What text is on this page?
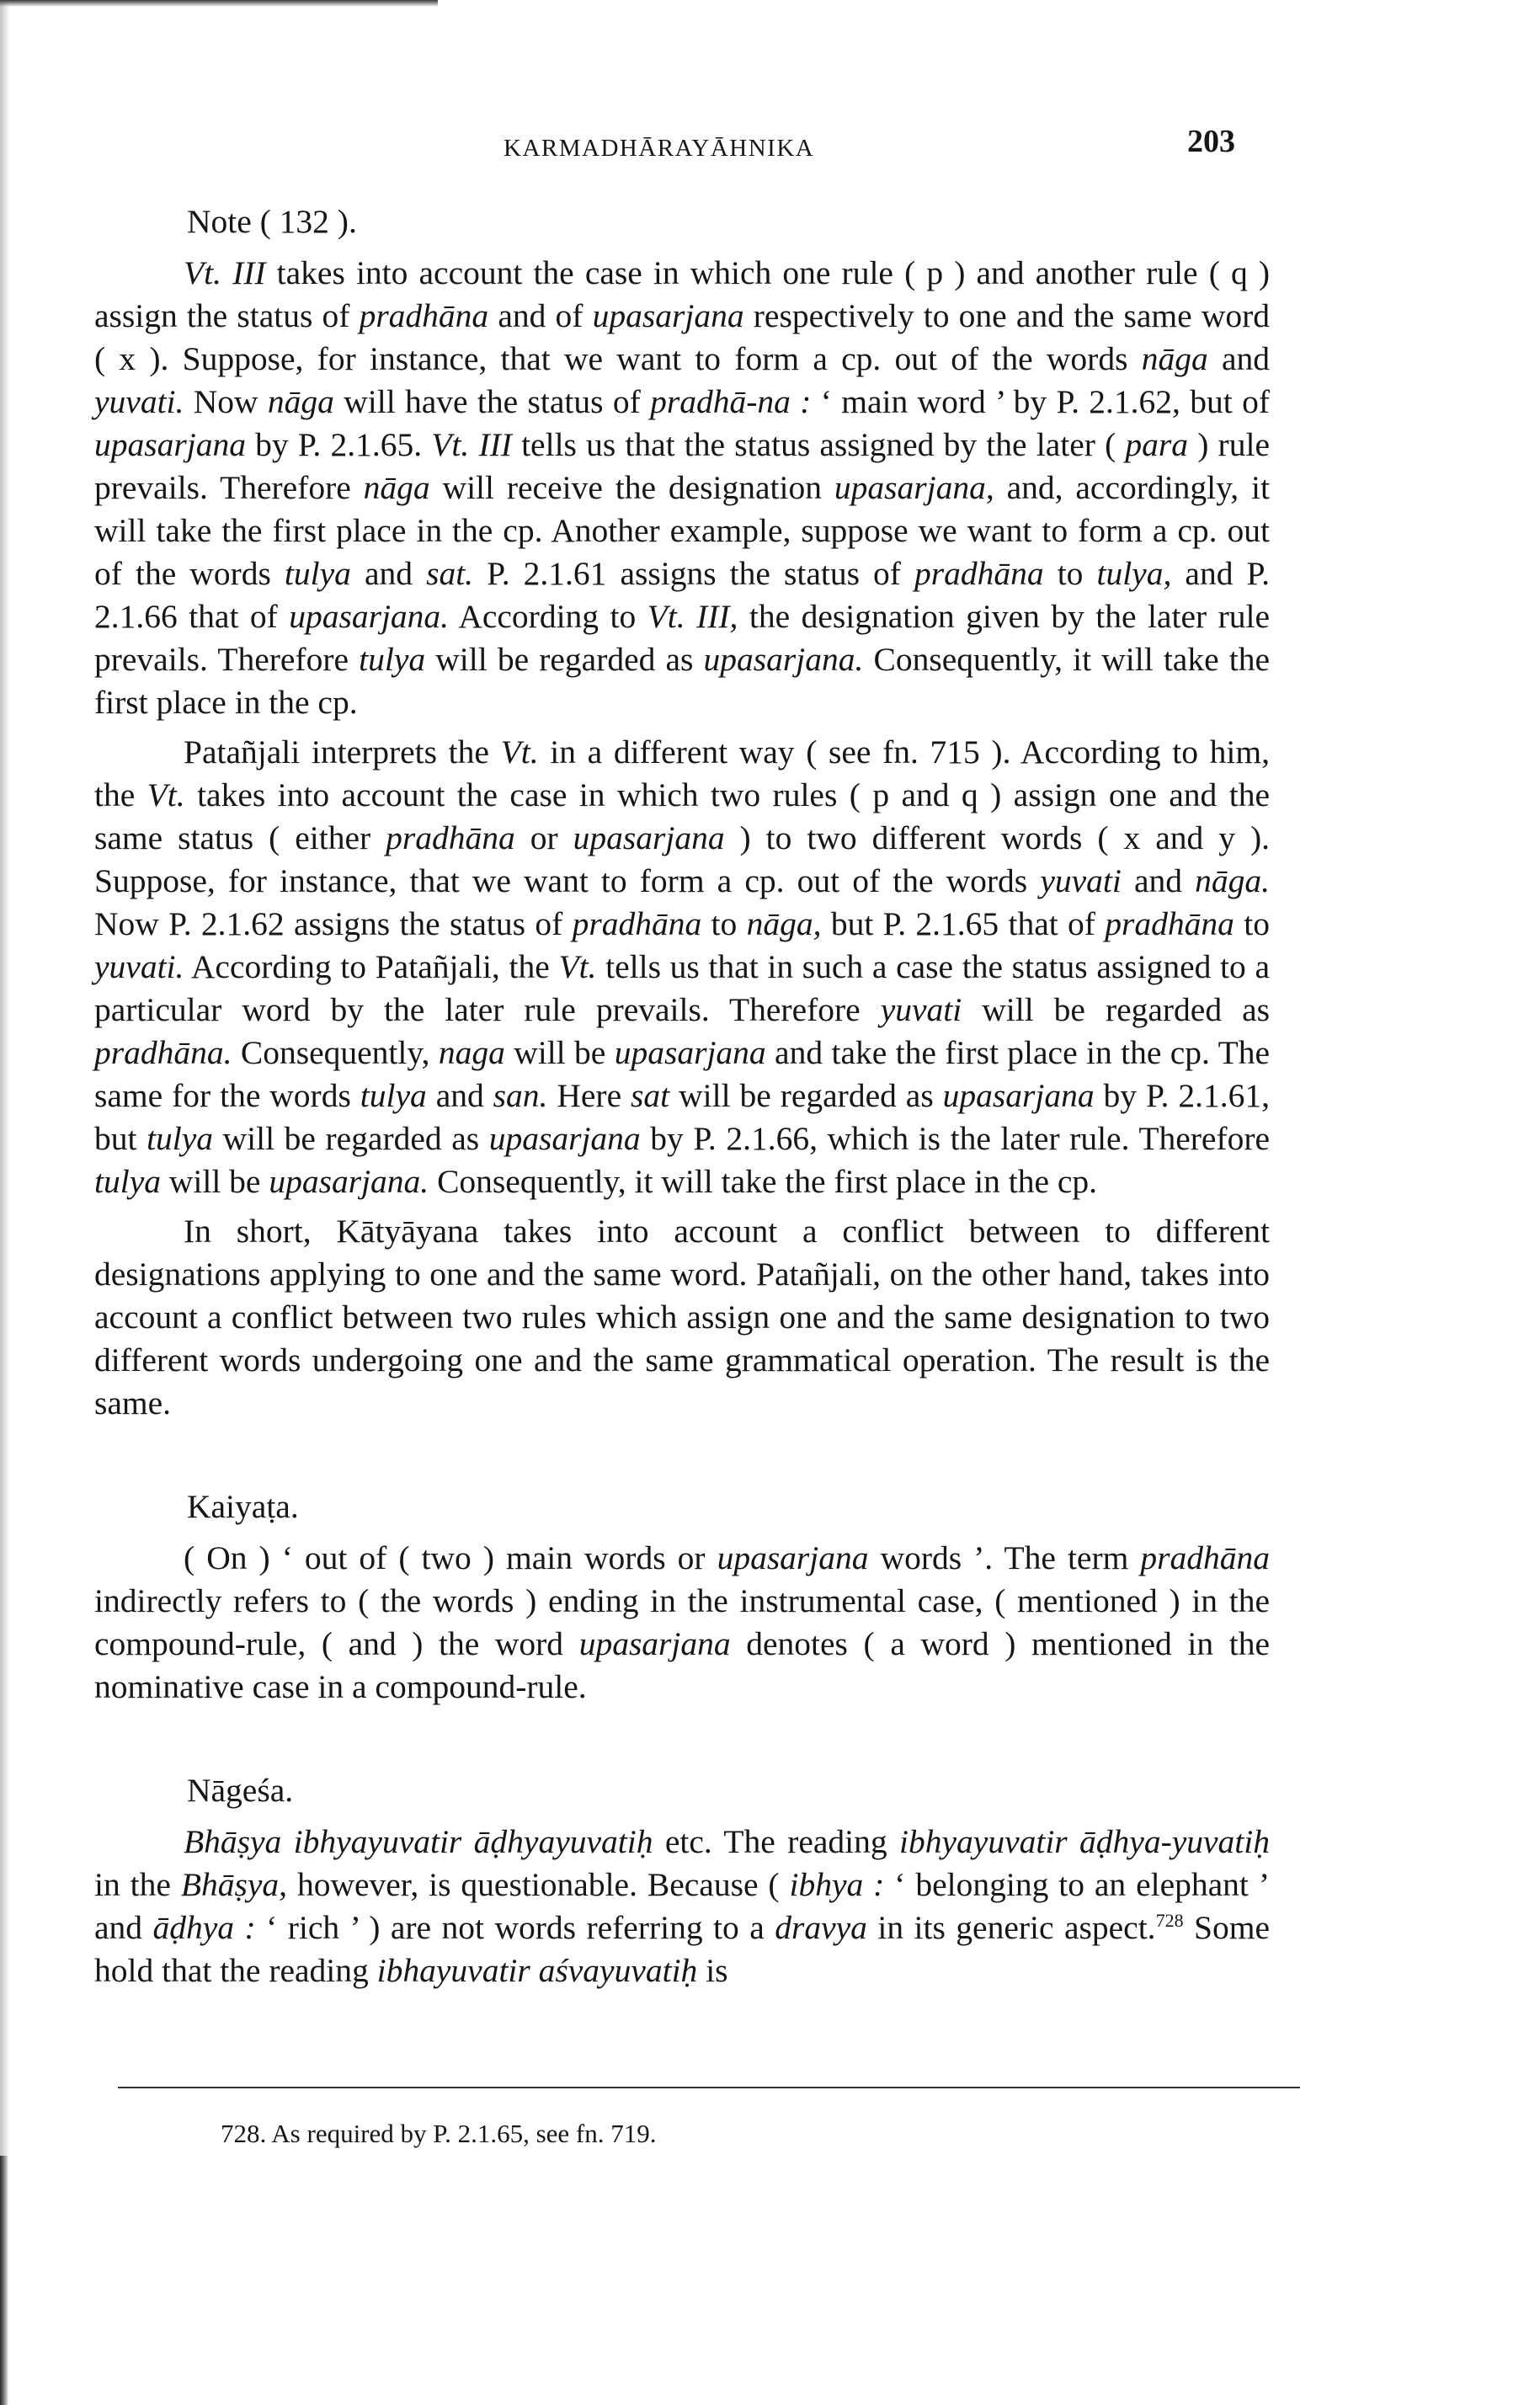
KARMADHĀRAYĀHNIKA	203

Note ( 132 ).

Vt. III takes into account the case in which one rule ( p ) and another rule ( q ) assign the status of pradhāna and of upasarjana respectively to one and the same word ( x ). Suppose, for instance, that we want to form a cp. out of the words nāga and yuvati. Now nāga will have the status of pradhā-na : ‘ main word ’ by P. 2.1.62, but of upasarjana by P. 2.1.65. Vt. III tells us that the status assigned by the later ( para ) rule prevails. Therefore nāga will receive the designation upasarjana, and, accordingly, it will take the first place in the cp. Another example, suppose we want to form a cp. out of the words tulya and sat. P. 2.1.61 assigns the status of pradhāna to tulya, and P. 2.1.66 that of upasarjana. According to Vt. III, the designation given by the later rule prevails. Therefore tulya will be regarded as upasarjana. Consequently, it will take the first place in the cp.

Patañjali interprets the Vt. in a different way ( see fn. 715 ). According to him, the Vt. takes into account the case in which two rules ( p and q ) assign one and the same status ( either pradhāna or upasarjana ) to two different words ( x and y ). Suppose, for instance, that we want to form a cp. out of the words yuvati and nāga. Now P. 2.1.62 assigns the status of pradhāna to nāga, but P. 2.1.65 that of pradhāna to yuvati. According to Patañjali, the Vt. tells us that in such a case the status assigned to a particular word by the later rule prevails. Therefore yuvati will be regarded as pradhāna. Consequently, naga will be upasarjana and take the first place in the cp. The same for the words tulya and san. Here sat will be regarded as upasarjana by P. 2.1.61, but tulya will be regarded as upasarjana by P. 2.1.66, which is the later rule. Therefore tulya will be upasarjana. Consequently, it will take the first place in the cp.

In short, Kātyāyana takes into account a conflict between to different designations applying to one and the same word. Patañjali, on the other hand, takes into account a conflict between two rules which assign one and the same designation to two different words undergoing one and the same grammatical operation. The result is the same.

Kaiyaṭa.

( On ) ‘ out of ( two ) main words or upasarjana words ’. The term pradhāna indirectly refers to ( the words ) ending in the instrumental case, ( mentioned ) in the compound-rule, ( and ) the word upasarjana denotes ( a word ) mentioned in the nominative case in a compound-rule.

Nāgeśa.

Bhāṣya ibhyayuvatir āḍhyayuvatiḥ etc. The reading ibhyayuvatir āḍhya-yuvatiḥ in the Bhāṣya, however, is questionable. Because ( ibhya : ‘ belonging to an elephant ’ and āḍhya : ‘ rich ’ ) are not words referring to a dravya in its generic aspect.$^{728}$ Some hold that the reading ibhayuvatir aśvayuvatiḥ is

728. As required by P. 2.1.65, see fn. 719.
